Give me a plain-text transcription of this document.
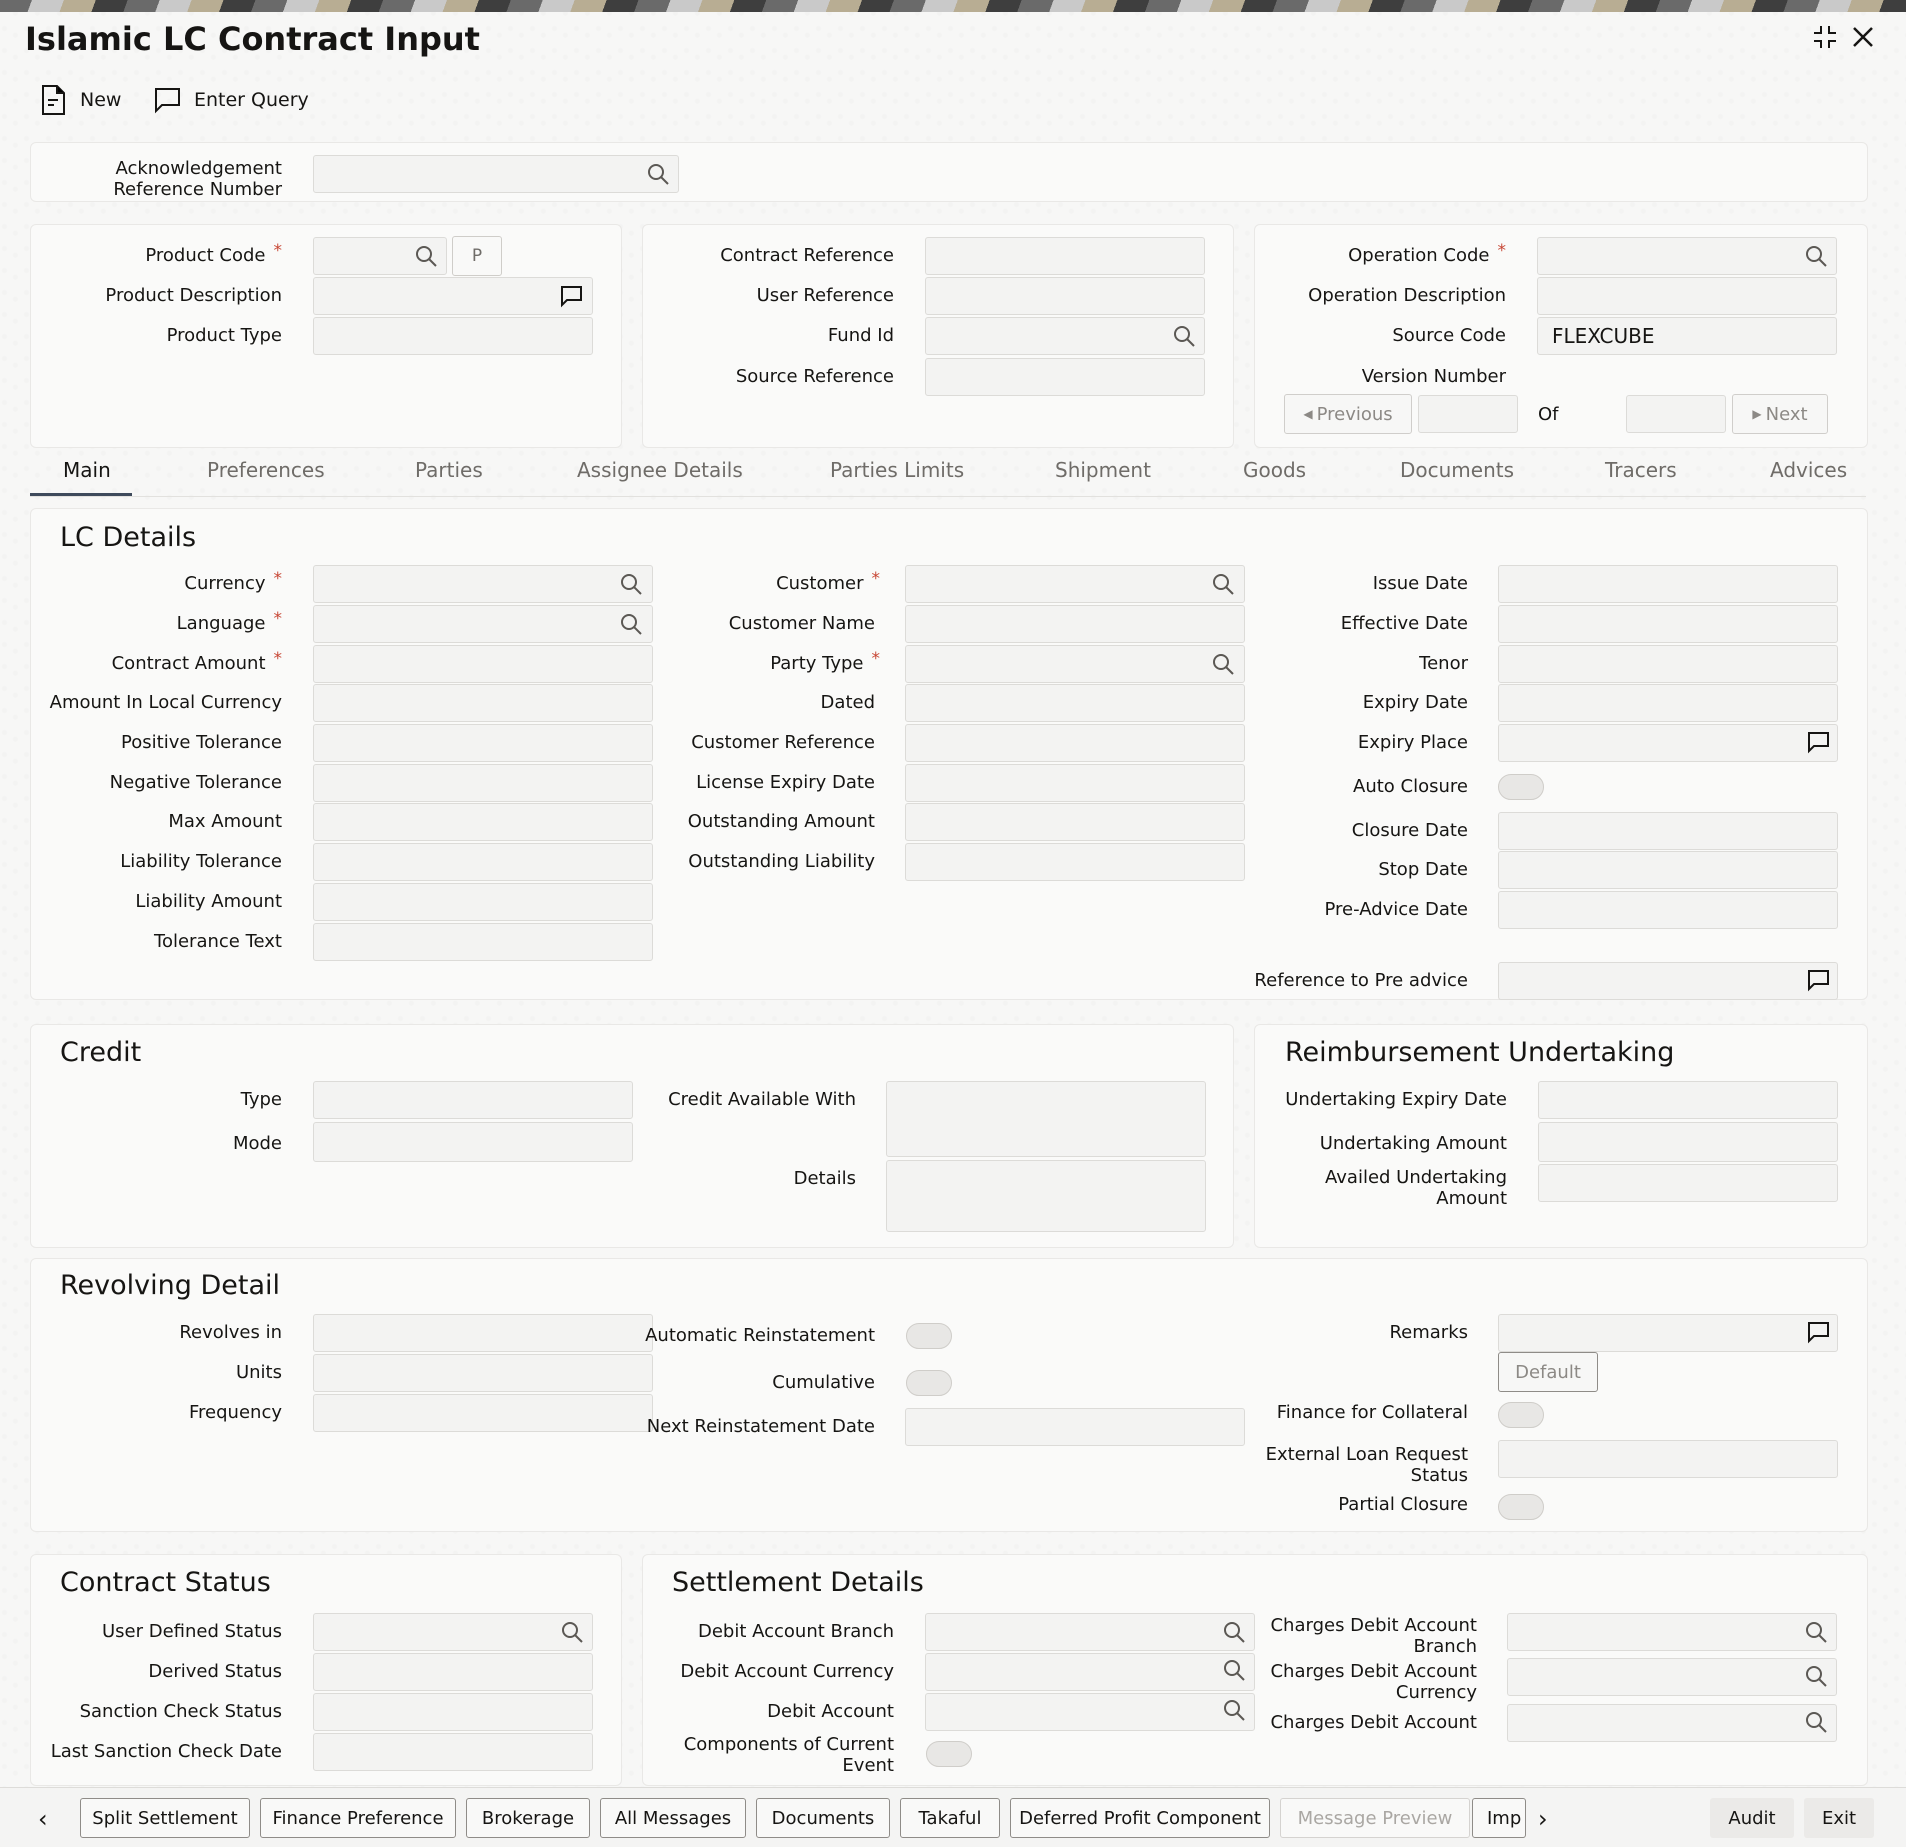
Islamic LC Contract Input
New	Enter Query
Acknowledgement
Reference Number
Product Code *	P
Product Description
Product Type
Contract Reference
User Reference
Fund Id
Source Reference
Operation Code *
Operation Description
Source Code	FLEXCUBE
Version Number
◀ Previous	Of	▶ Next
Main	Preferences	Parties	Assignee Details	Parties Limits	Shipment	Goods	Documents	Tracers	Advices
LC Details
Currency *
Language *
Contract Amount *
Amount In Local Currency
Positive Tolerance
Negative Tolerance
Max Amount
Liability Tolerance
Liability Amount
Tolerance Text
Customer *
Customer Name
Party Type *
Dated
Customer Reference
License Expiry Date
Outstanding Amount
Outstanding Liability
Issue Date
Effective Date
Tenor
Expiry Date
Expiry Place
Auto Closure
Closure Date
Stop Date
Pre-Advice Date
Reference to Pre advice
Credit
Type
Mode
Credit Available With
Details
Reimbursement Undertaking
Undertaking Expiry Date
Undertaking Amount
Availed Undertaking
Amount
Revolving Detail
Revolves in
Units
Frequency
Automatic Reinstatement
Cumulative
Next Reinstatement Date
Remarks
Default
Finance for Collateral
External Loan Request
Status
Partial Closure
Contract Status
User Defined Status
Derived Status
Sanction Check Status
Last Sanction Check Date
Settlement Details
Debit Account Branch
Debit Account Currency
Debit Account
Components of Current
Event
Charges Debit Account
Branch
Charges Debit Account
Currency
Charges Debit Account
‹	Split Settlement	Finance Preference	Brokerage	All Messages	Documents	Takaful	Deferred Profit Component	Message Preview	Imp ›	Audit	Exit
